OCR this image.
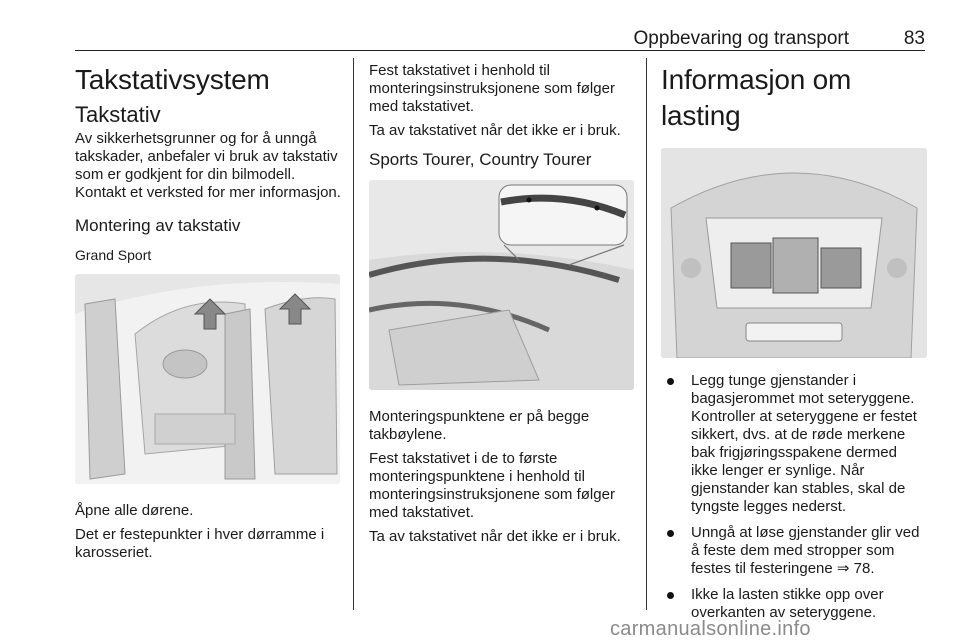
Oppbevaring og transport	83
Takstativsystem
Takstativ

Av sikkerhetsgrunner og for å unngå takskader, anbefaler vi bruk av takstativ som er godkjent for din bilmodell. Kontakt et verksted for mer informasjon.

Montering av takstativ
Grand Sport

Åpne alle dørene.

Det er festepunkter i hver dørramme i karosseriet.

Fest takstativet i henhold til monteringsinstruksjonene som følger med takstativet.

Ta av takstativet når det ikke er i bruk.

Sports Tourer, Country Tourer

Monteringspunktene er på begge takbøylene.

Fest takstativet i de to første monteringspunktene i henhold til monteringsinstruksjonene som følger med takstativet.

Ta av takstativet når det ikke er i bruk.

Informasjon om lasting
Legg tunge gjenstander i bagasjerommet mot seteryggene. Kontroller at seteryggene er festet sikkert, dvs. at de røde merkene bak frigjøringsspakene dermed ikke lenger er synlige. Når gjenstander kan stables, skal de tyngste legges nederst.
Unngå at løse gjenstander glir ved å feste dem med stropper som festes til festeringene ⇒ 78.
Ikke la lasten stikke opp over overkanten av seteryggene.
carmanualsonline.info
